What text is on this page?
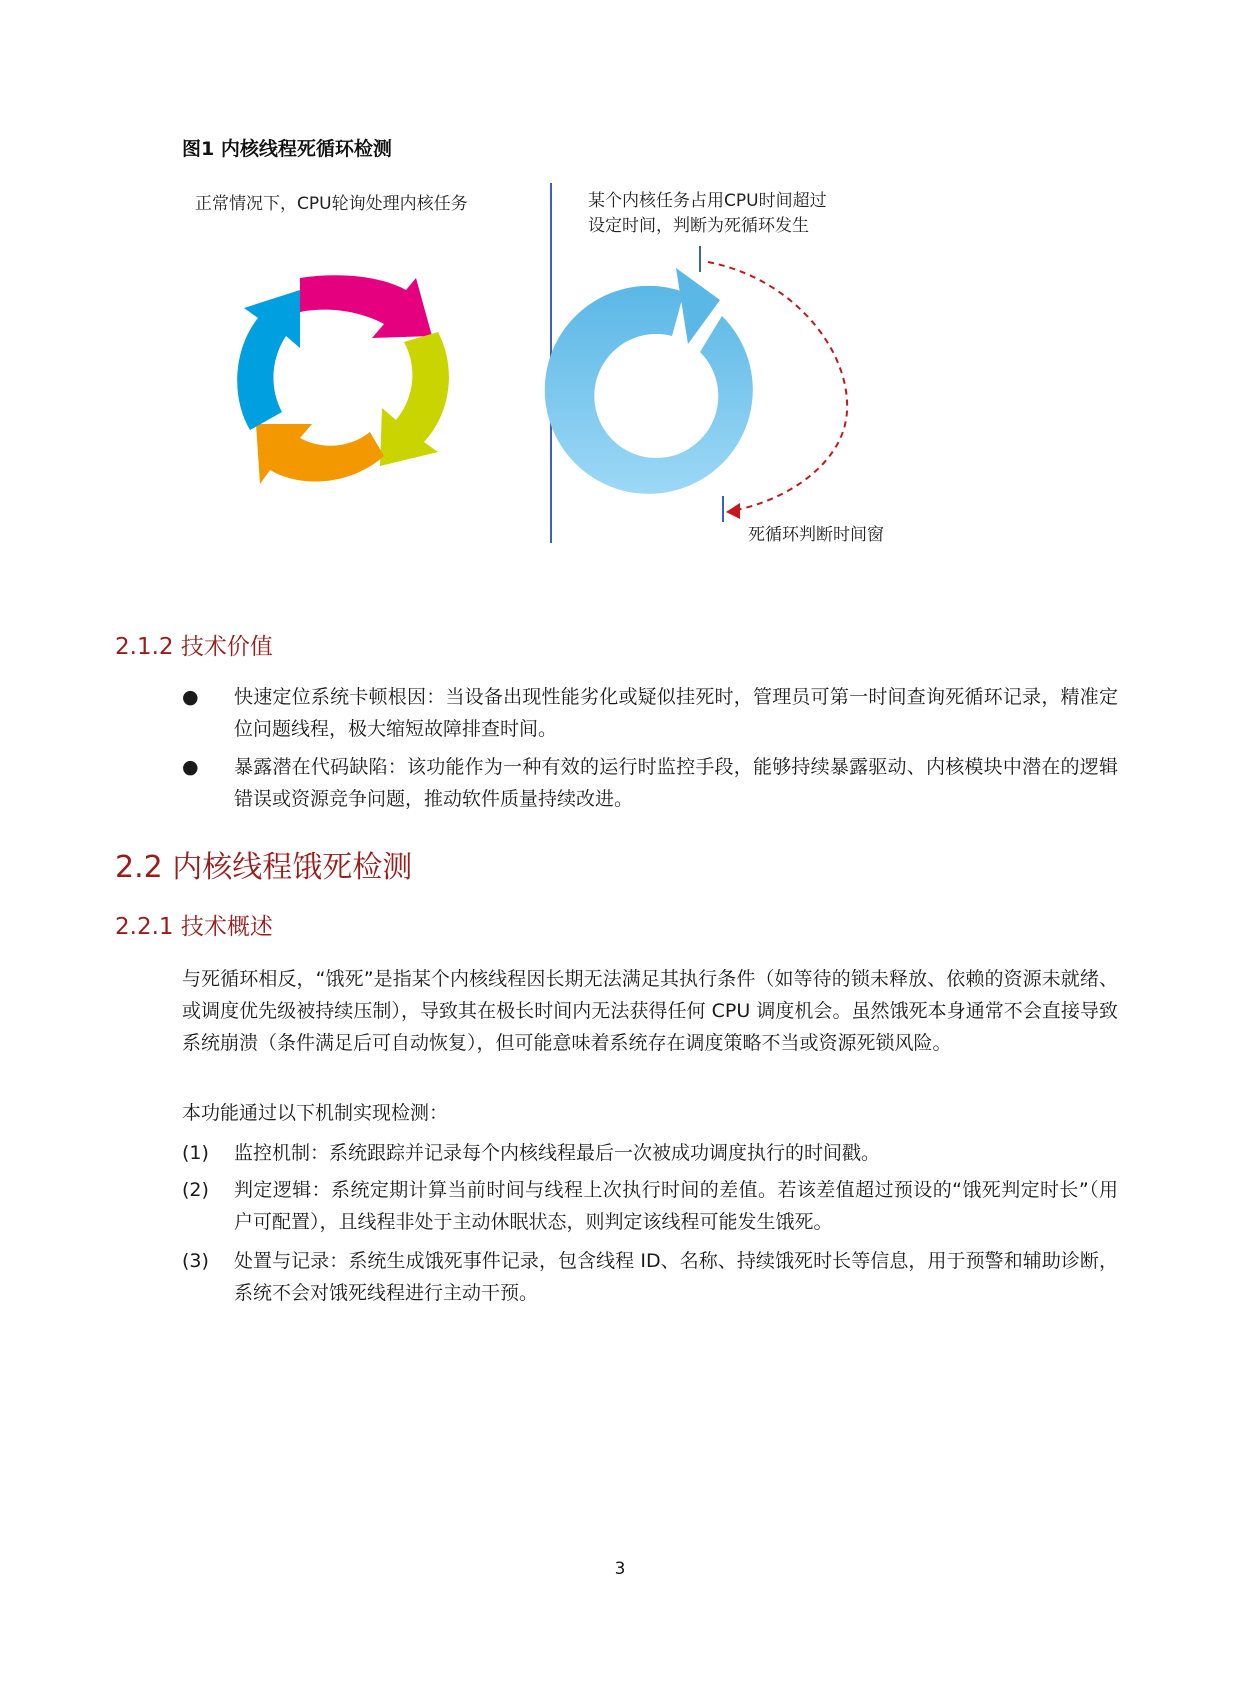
图1 内核线程死循环检测
正常情况下，CPU轮询处理内核任务	某个内核任务占用CPU时间超过
设定时间，判断为死循环发生
死循环判断时间窗
2.1.2 技术价值
● 快速定位系统卡顿根因：当设备出现性能劣化或疑似挂死时，管理员可第一时间查询死循环记录，精准定位问题线程，极大缩短故障排查时间。
● 暴露潜在代码缺陷：该功能作为一种有效的运行时监控手段，能够持续暴露驱动、内核模块中潜在的逻辑错误或资源竞争问题，推动软件质量持续改进。
2.2 内核线程饿死检测
2.2.1 技术概述
与死循环相反，“饿死”是指某个内核线程因长期无法满足其执行条件（如等待的锁未释放、依赖的资源未就绪、或调度优先级被持续压制），导致其在极长时间内无法获得任何 CPU 调度机会。虽然饿死本身通常不会直接导致系统崩溃（条件满足后可自动恢复），但可能意味着系统存在调度策略不当或资源死锁风险。
本功能通过以下机制实现检测：
(1) 监控机制：系统跟踪并记录每个内核线程最后一次被成功调度执行的时间戳。
(2) 判定逻辑：系统定期计算当前时间与线程上次执行时间的差值。若该差值超过预设的“饿死判定时长”（用户可配置），且线程非处于主动休眠状态，则判定该线程可能发生饿死。
(3) 处置与记录：系统生成饿死事件记录，包含线程 ID、名称、持续饿死时长等信息，用于预警和辅助诊断，系统不会对饿死线程进行主动干预。
3
